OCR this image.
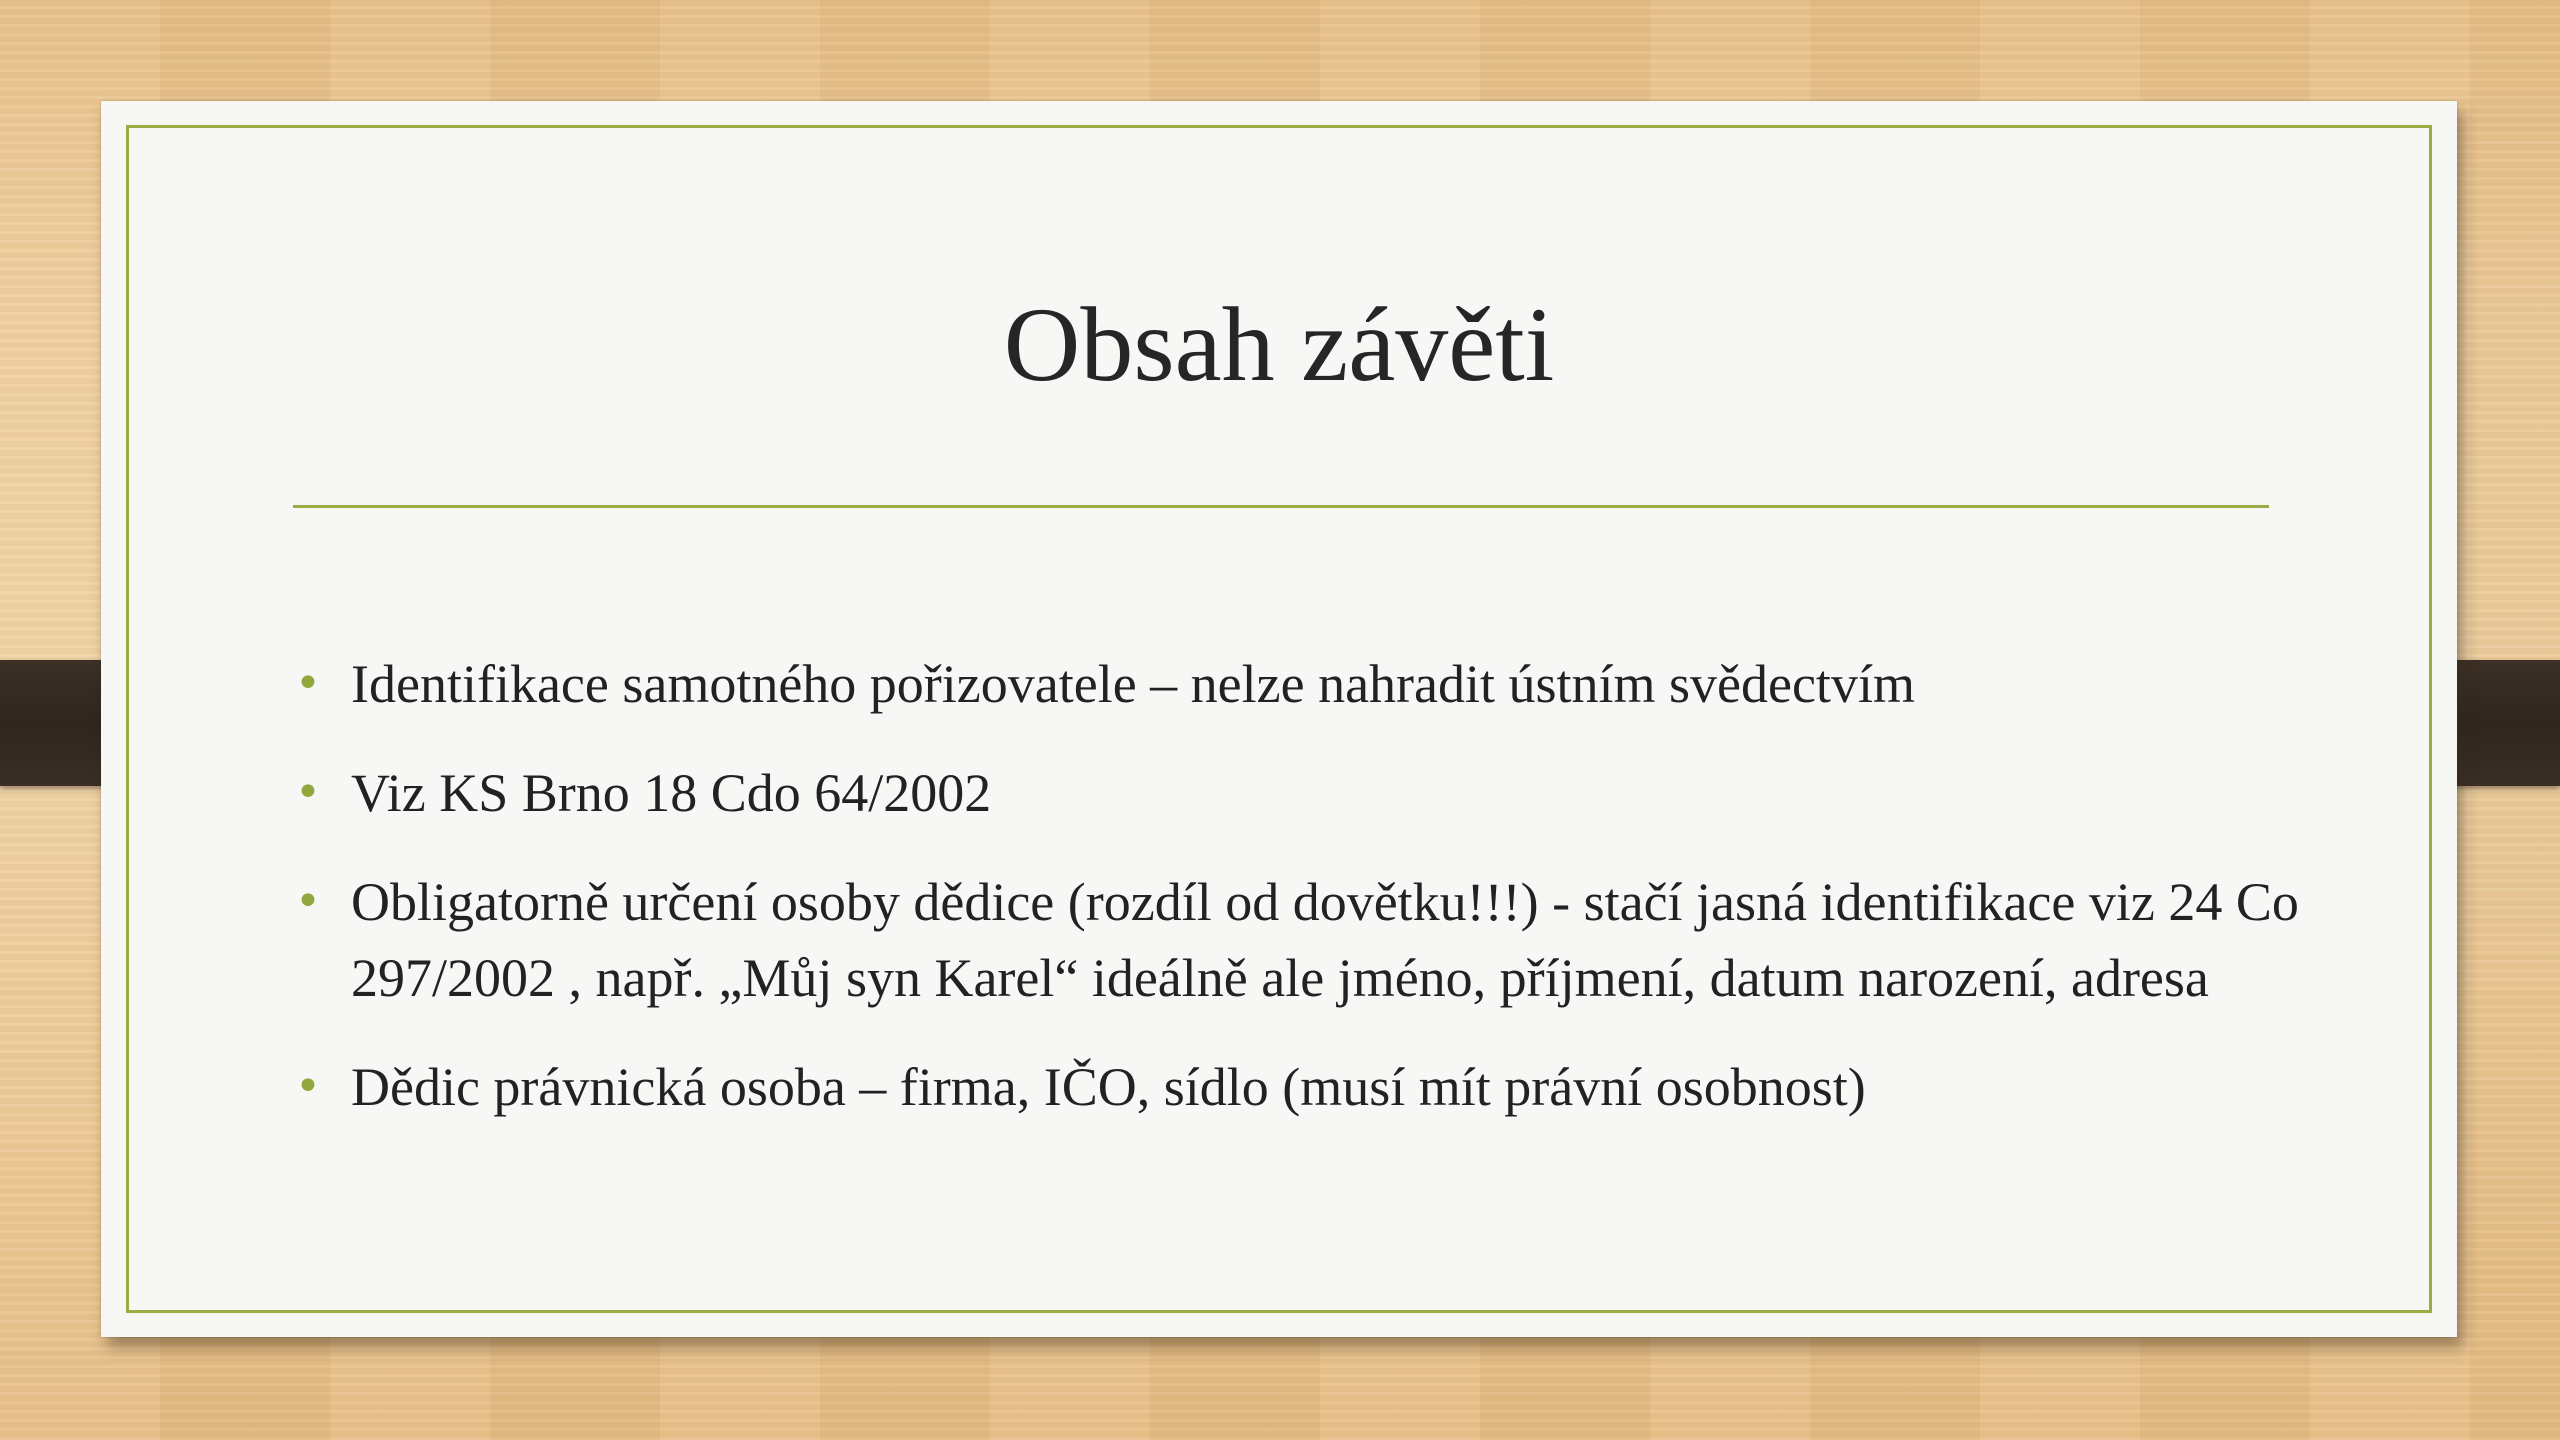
Obsah závěti
• Identifikace samotného pořizovatele – nelze nahradit ústním svědectvím
• Viz KS Brno 18 Cdo 64/2002
• Obligatorně určení osoby dědice (rozdíl od dovětku!!!) - stačí jasná identifikace viz 24 Co 297/2002 , např. „Můj syn Karel“ ideálně ale jméno, příjmení, datum narození, adresa
• Dědic právnická osoba – firma, IČO, sídlo (musí mít právní osobnost)
